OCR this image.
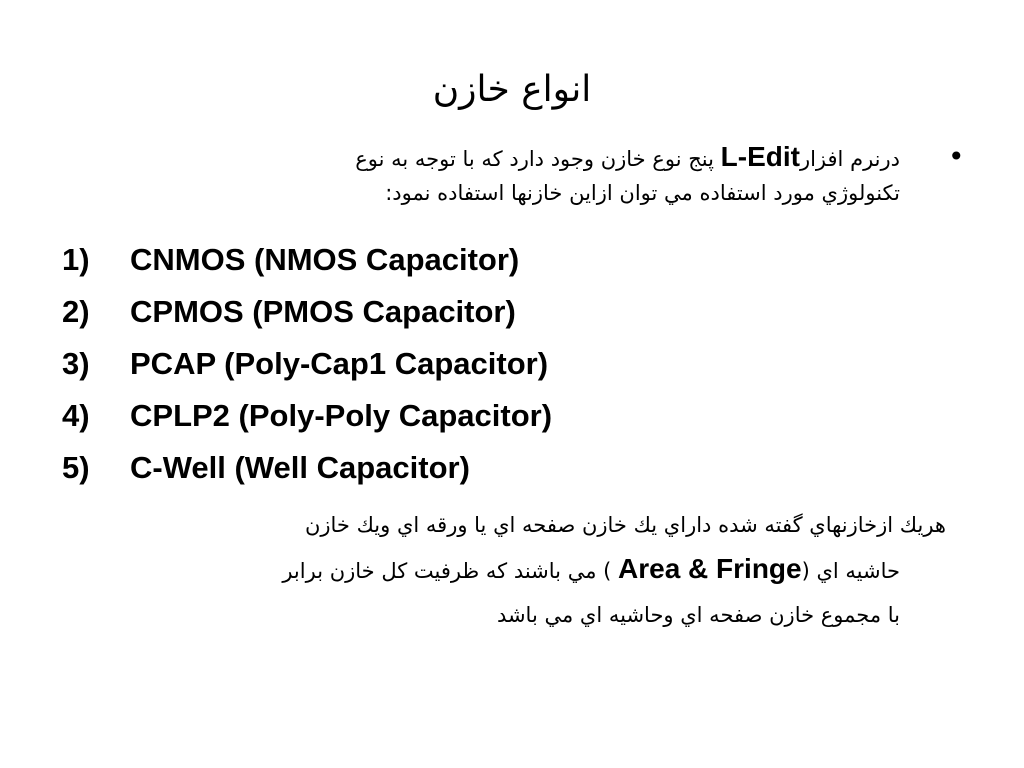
انواع خازن
•
درنرم افزارL-Edit پنج نوع خازن وجود دارد كه با توجه به نوع
تكنولوژي مورد استفاده مي توان ازاين خازنها استفاده نمود:
1)	CNMOS (NMOS Capacitor)
2)	CPMOS (PMOS Capacitor)
3)	PCAP (Poly-Cap1 Capacitor)
4)	CPLP2 (Poly-Poly Capacitor)
5)	C-Well (Well Capacitor)
هريك ازخازنهاي گفته شده داراي يك خازن صفحه اي يا ورقه اي ويك خازن
حاشيه اي (Area & Fringe ) مي باشند كه ظرفيت كل خازن برابر
با مجموع خازن صفحه اي وحاشيه اي مي باشد
